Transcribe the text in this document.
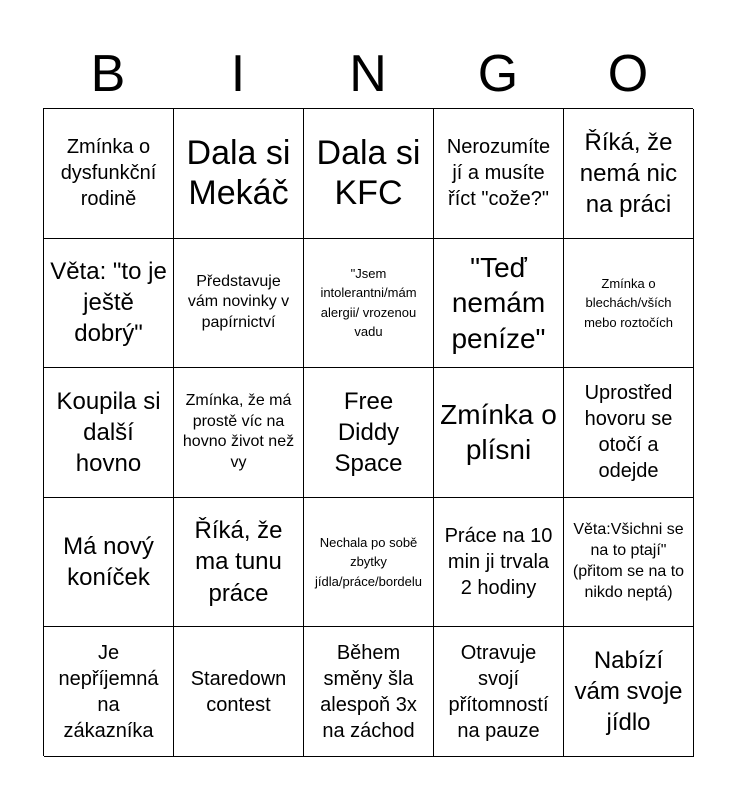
B	I	N	G	O
Zmínka o dysfunkční rodině
Dala si Mekáč
Dala si KFC
Nerozumíte jí a musíte říct "cože?"
Říká, že nemá nic na práci
Věta: "to je ještě dobrý"
Představuje vám novinky v papírnictví
"Jsem intolerantni/mám alergii/ vrozenou vadu
"Teď nemám peníze"
Zmínka o blechách/vších mebo roztočích
Koupila si další hovno
Zmínka, že má prostě víc na hovno život než vy
Free Diddy Space
Zmínka o plísni
Uprostřed hovoru se otočí a odejde
Má nový koníček
Říká, že ma tunu práce
Nechala po sobě zbytky jídla/práce/bordelu
Práce na 10 min ji trvala 2 hodiny
Věta:Všichni se na to ptají"(přitom se na to nikdo neptá)
Je nepříjemná na zákazníka
Staredown contest
Během směny šla alespoň 3x na záchod
Otravuje svojí přítomností na pauze
Nabízí vám svoje jídlo
